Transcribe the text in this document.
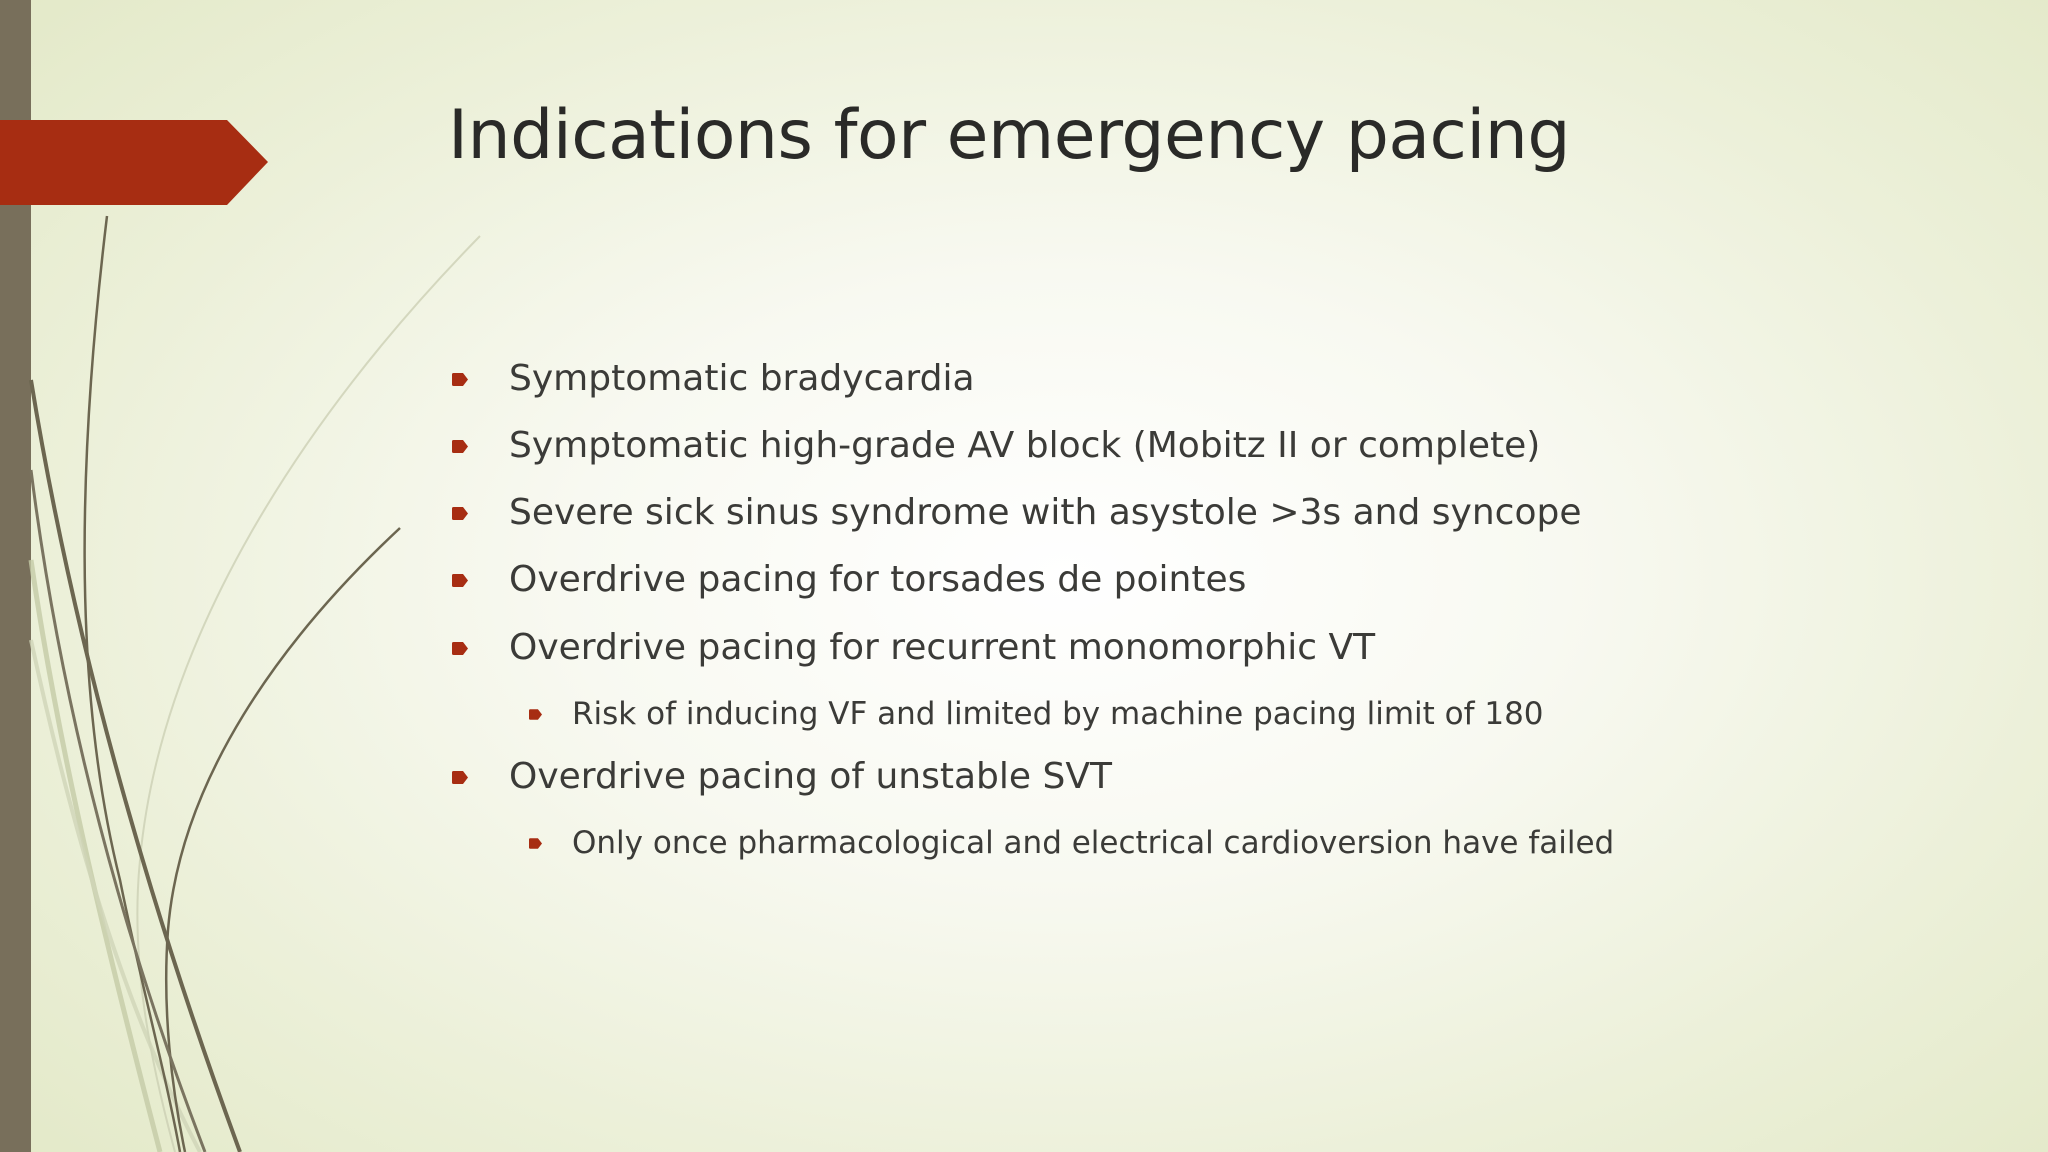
Indications for emergency pacing
Symptomatic bradycardia
Symptomatic high-grade AV block (Mobitz II or complete)
Severe sick sinus syndrome with asystole >3s and syncope
Overdrive pacing for torsades de pointes
Overdrive pacing for recurrent monomorphic VT
Risk of inducing VF and limited by machine pacing limit of 180
Overdrive pacing of unstable SVT
Only once pharmacological and electrical cardioversion have failed
